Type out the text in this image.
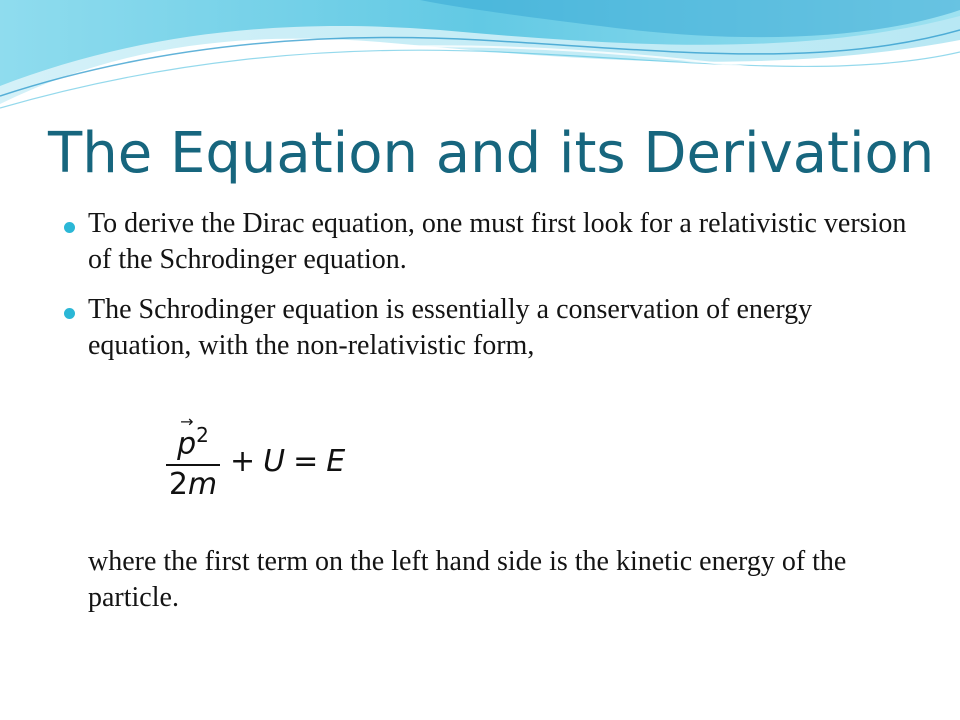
The Equation and its Derivation
To derive the Dirac equation, one must first look for a relativistic version of the Schrodinger equation.
The Schrodinger equation is essentially a conservation of energy equation, with the non-relativistic form,
→
$p^2$
2m + U = E

where the first term on the left hand side is the kinetic energy of the particle.
